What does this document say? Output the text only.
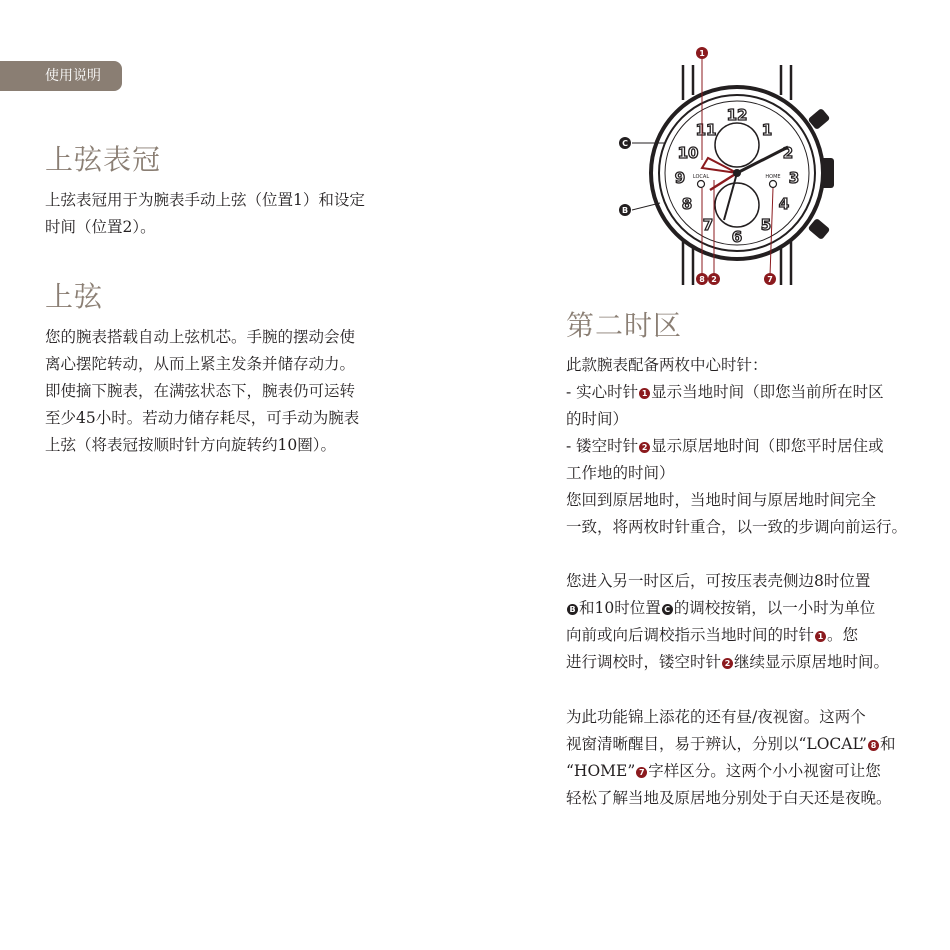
使用说明
上弦表冠
上弦表冠用于为腕表手动上弦（位置1）和设定
时间（位置2）。
上弦
您的腕表搭载自动上弦机芯。手腕的摆动会使
离心摆陀转动，从而上紧主发条并储存动力。
即使摘下腕表，在满弦状态下，腕表仍可运转
至少45小时。若动力储存耗尽，可手动为腕表
上弦（将表冠按顺时针方向旋转约10圈）。
LOCAL	HOME
11
12
1
2
10
3
9
4
8
7
6
5
1
C
B
8 2	7
第二时区
此款腕表配备两枚中心时针：
- 实心时针 1 显示当地时间（即您当前所在时区
的时间）
- 镂空时针 2 显示原居地时间（即您平时居住或
工作地的时间）
您回到原居地时，当地时间与原居地时间完全
一致，将两枚时针重合，以一致的步调向前运行。
您进入另一时区后，可按压表壳侧边8时位置
B 和10时位置 C 的调校按销，以一小时为单位
向前或向后调校指示当地时间的时针 1 。您
进行调校时，镂空时针 2 继续显示原居地时间。
为此功能锦上添花的还有昼/夜视窗。这两个
视窗清晰醒目，易于辨认，分别以“LOCAL” 8 和
“HOME” 7 字样区分。这两个小小视窗可让您
轻松了解当地及原居地分别处于白天还是夜晚。
